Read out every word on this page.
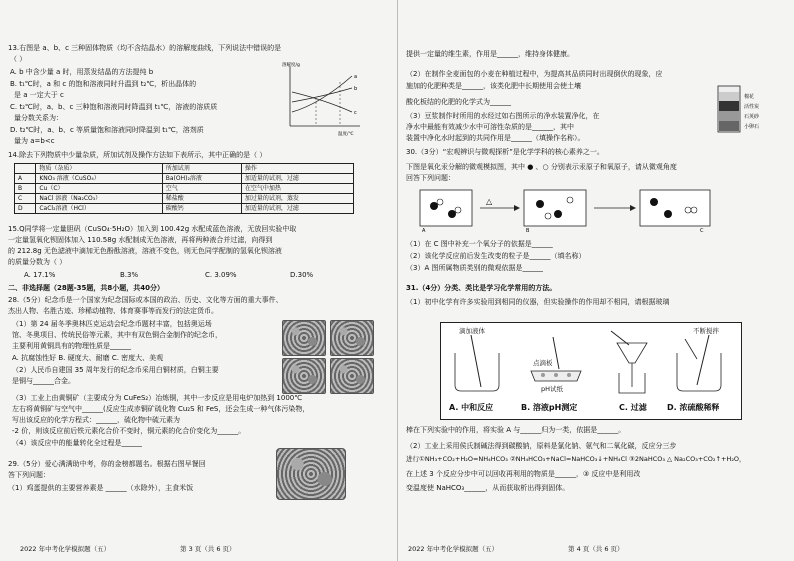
13.右图是 a、b、c 三种固体物质（均不含结晶水）的溶解度曲线，下列说法中错误的是
（ ）
A. b 中含少量 a 时，用蒸发结晶的方法提纯 b
B. t₁℃时，a 和 c 的饱和溶液同时升温到 t₂℃，析出晶体的
是 a 一定大于 c
C. t₂℃时，a、b、c 三种饱和溶液同时降温到 t₁℃，溶液的溶质质
量分数关系为：
D. t₂℃时，a、b、c 等质量饱和溶液同时降温到 t₁℃，溶剂质
量为 a=b<c
a
b
c
溶解度/g
温度/℃
14.除去下列物质中少量杂质，所加试剂及操作方法如下表所示，其中正确的是（ ）
	物质（杂质）	所加试剂	操作
A	KNO₃ 溶液（CuSO₄）	Ba(OH)₂溶液	加适量的试剂，过滤
B	Cu（C）	空气	在空气中加热
C	NaCl 溶液（Na₂CO₃）	稀盐酸	加过量的试剂，蒸发
D	CaCl₂溶液（HCl）	碳酸钙	加适量的试剂，过滤
15.Q同学将一定量胆矾（CuSO₄·5H₂O）加入到 100.42g 水配成蓝色溶液，无放回实验中取
一定量氢氧化钡固体加入 110.58g 水配制成无色溶液，再将两种液合并过滤，向得到
的 212.8g 无色滤液中滴加无色酚酞溶液，溶液不变色，则无色同学配制的氢氧化钡溶液
的质量分数为（ ）
A. 17.1%	B.3%	C. 3.09%	D.30%
二、非选择题（28题-35题，共8小题，共40分）
28.（5分）纪念币是一个国家为纪念国际或本国的政治、历史、文化等方面的重大事件、
杰出人物、名胜古迹、珍稀动植物、体育赛事等而发行的法定货币。
（1）第 24 届冬季奥林匹克运动会纪念币题材丰富，包括奥运场
馆、冬奥项目、传统民俗等元素，其中有双色铜合金制作的纪念币，
主要利用黄铜具有的物理性质是______
A. 抗腐蚀性好 B. 硬度大、耐磨 C. 密度大、美观
（2）人民币自建国 35 周年发行的纪念币采用白铜材质，白铜主要
是铜与______合金。
（3）工业上由黄铜矿（主要成分为 CuFeS₂）冶炼铜，其中一步反应是用电炉加热到 1000℃
左右将黄铜矿与空气中______(反应生成赤铜矿硫化物 Cu₂S 和 FeS，还会生成一种气体污染物，
写出该反应的化学方程式：______，硫化物中硫元素为
-2 价，则该反应前后铁元素化合价不变时，铜元素的化合价变化为______。
（4）该反应中的能量转化全过程是______
29.（5分）爱心满满助中考，你的金榜都题名。根据右图早餐回
答下列问题：
（1）鸡蛋提供的主要营养素是 ______（水除外），主食米饭
2022 年中考化学模拟题（五）	第 3 页（共 6 页）
提供一定量的维生素，作用是______，维持身体健康。
（2）在制作全麦面包的小麦在种植过程中，为提高其品质同时出现倒伏的现象，应
施加的化肥种类是______，该类化肥中长期使用会使土壤
酸化板结的化肥的化学式为______
（3）豆浆制作时所用的水经过如右图所示的净水装置净化，在
净水中最能有效减少水中可溶性杂质的是______，其中
装置中净化水时起到的共同作用是______（填操作名称）。
棉花
活性炭
石英砂
小卵石
30.（3分）“宏观辨识与微观探析”是化学学科的核心素养之一。
下图是氧化汞分解的微观模拟图，其中 ● 、○ 分别表示汞原子和氧原子，请从微观角度
回答下列问题：
A
△
B	C
（1）在 C 图中补充一个氧分子的依据是______
（2）该化学反应前后发生改变的粒子是______（填名称）
（3）A 图所属物质类别的微观依据是______
31.（4分）分类、类比是学习化学常用的方法。
（1）初中化学有许多实验用到相同的仪器，但实验操作的作用却不相同，请根据玻璃
滴加液体
点滴板
pH试纸
不断搅拌
A. 中和反应	B. 溶液pH测定	C. 过滤	D. 浓硫酸稀释
棒在下列实验中的作用，将实验 A 与______归为一类，依据是______。
（2）工业上采用侯氏制碱法得到碳酸钠，原料是氯化钠、氨气和二氧化碳，反应分三步
进行①NH₃+CO₂+H₂O=NH₄HCO₃ ②NH₄HCO₃+NaCl=NaHCO₃↓+NH₄Cl ③2NaHCO₃ △ Na₂CO₃+CO₂↑+H₂O，
在上述 3 个反应分步中可以回收再利用的物质是______，③ 反应中是利用改
变温度使 NaHCO₃______，从而获取析出得到固体。
2022 年中考化学模拟题（五）	第 4 页（共 6 页）
